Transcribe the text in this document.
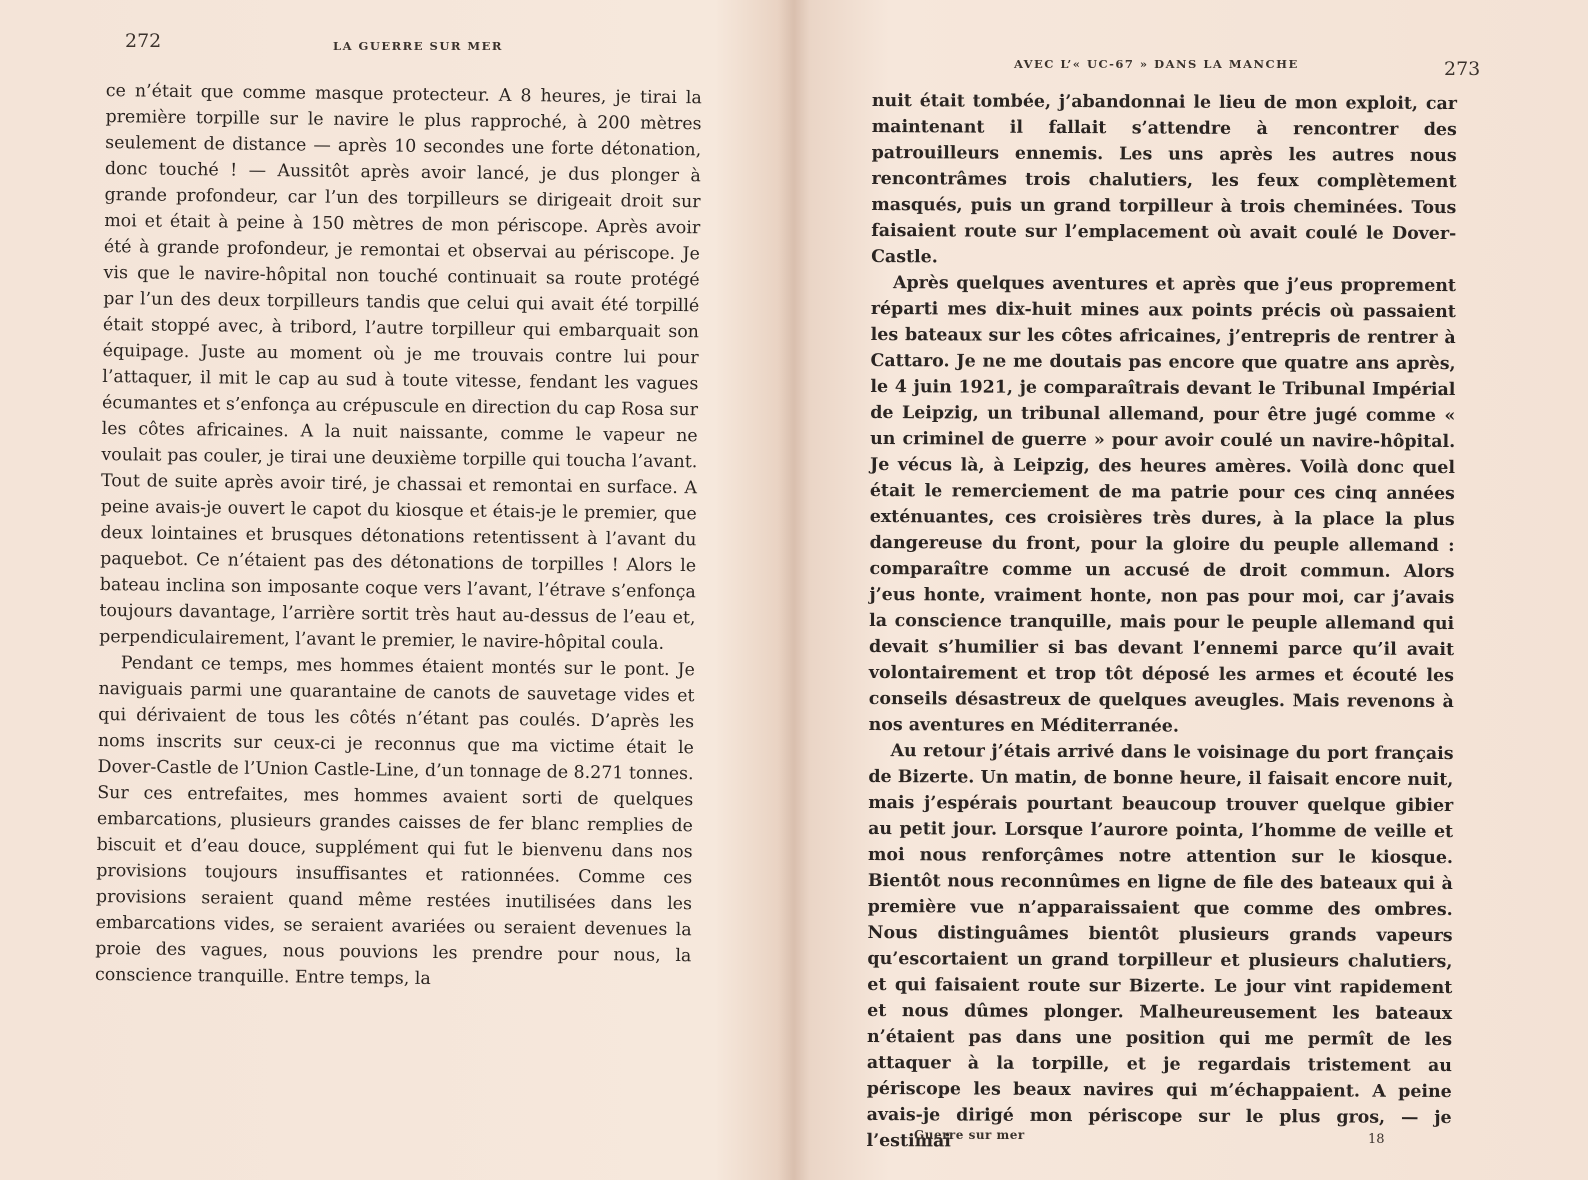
272	LA GUERRE SUR MER

ce n’était que comme masque protecteur. A 8 heures, je tirai la première torpille sur le navire le plus rapproché, à 200 mètres seulement de distance — après 10 secondes une forte détonation, donc touché ! — Aussitôt après avoir lancé, je dus plonger à grande profondeur, car l’un des torpilleurs se dirigeait droit sur moi et était à peine à 150 mètres de mon périscope. Après avoir été à grande profondeur, je remontai et observai au périscope. Je vis que le navire-hôpital non touché continuait sa route protégé par l’un des deux torpilleurs tandis que celui qui avait été torpillé était stoppé avec, à tribord, l’autre torpilleur qui embarquait son équipage. Juste au moment où je me trouvais contre lui pour l’attaquer, il mit le cap au sud à toute vitesse, fendant les vagues écumantes et s’enfonça au crépuscule en direction du cap Rosa sur les côtes africaines. A la nuit naissante, comme le vapeur ne voulait pas couler, je tirai une deuxième torpille qui toucha l’avant. Tout de suite après avoir tiré, je chassai et remontai en surface. A peine avais-je ouvert le capot du kiosque et étais-je le premier, que deux lointaines et brusques détonations retentissent à l’avant du paquebot. Ce n’étaient pas des détonations de torpilles ! Alors le bateau inclina son imposante coque vers l’avant, l’étrave s’enfonça toujours davantage, l’arrière sortit très haut au-dessus de l’eau et, perpendiculairement, l’avant le premier, le navire-hôpital coula.

Pendant ce temps, mes hommes étaient montés sur le pont. Je naviguais parmi une quarantaine de canots de sauvetage vides et qui dérivaient de tous les côtés n’étant pas coulés. D’après les noms inscrits sur ceux-ci je reconnus que ma victime était le Dover-Castle de l’Union Castle-Line, d’un tonnage de 8.271 tonnes. Sur ces entrefaites, mes hommes avaient sorti de quelques embarcations, plusieurs grandes caisses de fer blanc remplies de biscuit et d’eau douce, supplément qui fut le bienvenu dans nos provisions toujours insuffisantes et rationnées. Comme ces provisions seraient quand même restées inutilisées dans les embarcations vides, se seraient avariées ou seraient devenues la proie des vagues, nous pouvions les prendre pour nous, la conscience tranquille. Entre temps, la

273
AVEC L’« UC-67 » DANS LA MANCHE

nuit était tombée, j’abandonnai le lieu de mon exploit, car maintenant il fallait s’attendre à rencontrer des patrouilleurs ennemis. Les uns après les autres nous rencontrâmes trois chalutiers, les feux complètement masqués, puis un grand torpilleur à trois cheminées. Tous faisaient route sur l’emplacement où avait coulé le Dover-Castle.

Après quelques aventures et après que j’eus proprement réparti mes dix-huit mines aux points précis où passaient les bateaux sur les côtes africaines, j’entrepris de rentrer à Cattaro. Je ne me doutais pas encore que quatre ans après, le 4 juin 1921, je comparaîtrais devant le Tribunal Impérial de Leipzig, un tribunal allemand, pour être jugé comme « un criminel de guerre » pour avoir coulé un navire-hôpital. Je vécus là, à Leipzig, des heures amères. Voilà donc quel était le remerciement de ma patrie pour ces cinq années exténuantes, ces croisières très dures, à la place la plus dangereuse du front, pour la gloire du peuple allemand : comparaître comme un accusé de droit commun. Alors j’eus honte, vraiment honte, non pas pour moi, car j’avais la conscience tranquille, mais pour le peuple allemand qui devait s’humilier si bas devant l’ennemi parce qu’il avait volontairement et trop tôt déposé les armes et écouté les conseils désastreux de quelques aveugles. Mais revenons à nos aventures en Méditerranée.

Au retour j’étais arrivé dans le voisinage du port français de Bizerte. Un matin, de bonne heure, il faisait encore nuit, mais j’espérais pourtant beaucoup trouver quelque gibier au petit jour. Lorsque l’aurore pointa, l’homme de veille et moi nous renforçâmes notre attention sur le kiosque. Bientôt nous reconnûmes en ligne de file des bateaux qui à première vue n’apparaissaient que comme des ombres. Nous distinguâmes bientôt plusieurs grands vapeurs qu’escortaient un grand torpilleur et plusieurs chalutiers, et qui faisaient route sur Bizerte. Le jour vint rapidement et nous dûmes plonger. Malheureusement les bateaux n’étaient pas dans une position qui me permît de les attaquer à la torpille, et je regardais tristement au périscope les beaux navires qui m’échappaient. A peine avais-je dirigé mon périscope sur le plus gros, — je l’estimai

Guerre sur mer	18
